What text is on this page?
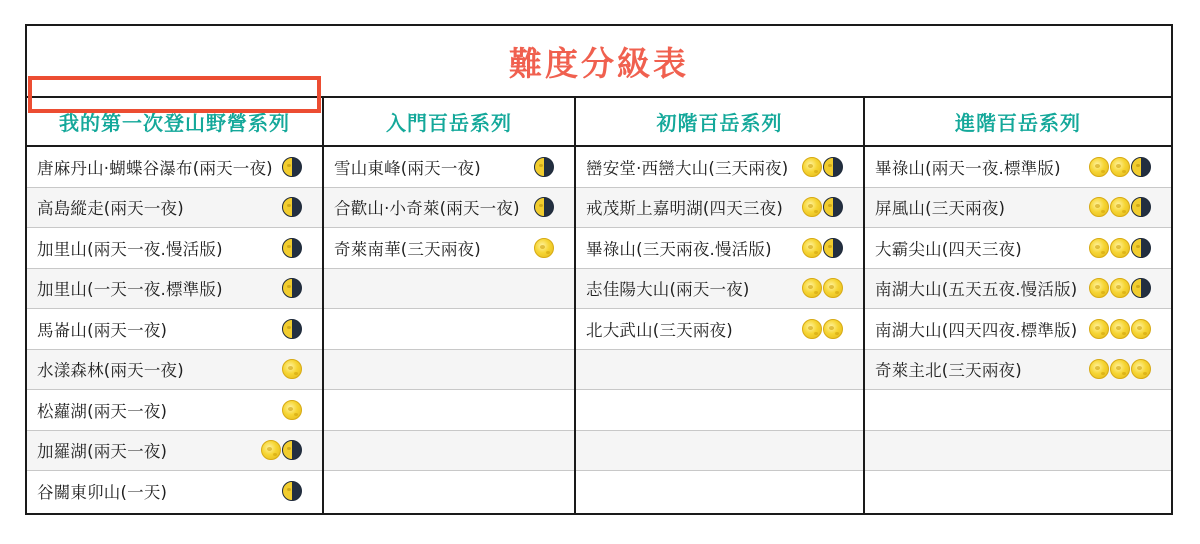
難度分級表
我的第一次登山野營系列
唐麻丹山·蝴蝶谷瀑布(兩天一夜)
高島縱走(兩天一夜)
加里山(兩天一夜.慢活版)
加里山(一天一夜.標準版)
馬崙山(兩天一夜)
水漾森林(兩天一夜)
松蘿湖(兩天一夜)
加羅湖(兩天一夜)
谷關東卯山(一天)
入門百岳系列
雪山東峰(兩天一夜)
合歡山·小奇萊(兩天一夜)
奇萊南華(三天兩夜)
初階百岳系列
巒安堂·西巒大山(三天兩夜)
戒茂斯上嘉明湖(四天三夜)
畢祿山(三天兩夜.慢活版)
志佳陽大山(兩天一夜)
北大武山(三天兩夜)
進階百岳系列
畢祿山(兩天一夜.標準版)
屏風山(三天兩夜)
大霸尖山(四天三夜)
南湖大山(五天五夜.慢活版)
南湖大山(四天四夜.標準版)
奇萊主北(三天兩夜)
